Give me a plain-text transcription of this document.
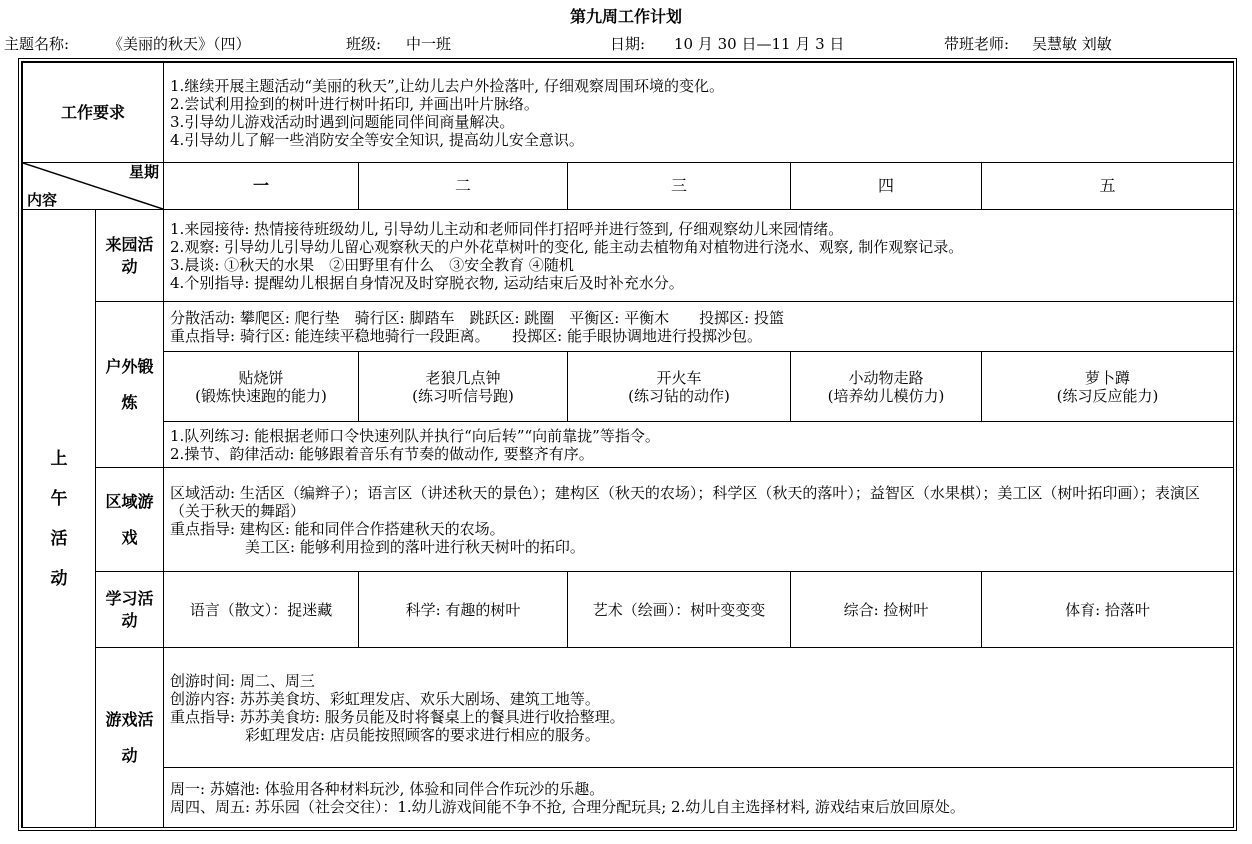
第九周工作计划
主题名称:	《美丽的秋天》（四）	班级: 中一班	日期: 10 月 30 日—11 月 3 日	带班老师: 吴慧敏 刘敏
工作要求		1.继续开展主题活动“美丽的秋天”,让幼儿去户外捡落叶, 仔细观察周围环境的变化。
2.尝试利用捡到的树叶进行树叶拓印, 并画出叶片脉络。
3.引导幼儿游戏活动时遇到问题能同伴间商量解决。
4.引导幼儿了解一些消防安全等安全知识, 提高幼儿安全意识。				

星期
内容		一	二	三	四	五

上
午
活
动	来园活动	1.来园接待: 热情接待班级幼儿, 引导幼儿主动和老师同伴打招呼并进行签到, 仔细观察幼儿来园情绪。
2.观察: 引导幼儿引导幼儿留心观察秋天的户外花草树叶的变化, 能主动去植物角对植物进行浇水、观察, 制作观察记录。
3.晨谈: ①秋天的水果　②田野里有什么　③安全教育 ④随机
4.个别指导: 提醒幼儿根据自身情况及时穿脱衣物, 运动结束后及时补充水分。				

	户外锻炼	分散活动: 攀爬区: 爬行垫　骑行区: 脚踏车　跳跃区: 跳圈　平衡区: 平衡木　　投掷区: 投篮
重点指导: 骑行区: 能连续平稳地骑行一段距离。　　投掷区: 能手眼协调地进行投掷沙包。				

		贴烧饼
(锻炼快速跑的能力)	老狼几点钟
(练习听信号跑)	开火车
(练习钻的动作)	小动物走路
(培养幼儿模仿力)	萝卜蹲
(练习反应能力)

		1.队列练习: 能根据老师口令快速列队并执行“向后转”“向前靠拢”等指令。
2.操节、韵律活动: 能够跟着音乐有节奏的做动作, 要整齐有序。				

	区域游戏	区域活动: 生活区（编辫子）；语言区（讲述秋天的景色）；建构区（秋天的农场）；科学区（秋天的落叶）；益智区（水果棋）；美工区（树叶拓印画）；表演区（关于秋天的舞蹈）
重点指导: 建构区: 能和同伴合作搭建秋天的农场。
　　　　　美工区: 能够利用捡到的落叶进行秋天树叶的拓印。				

	学习活动	语言（散文）：捉迷藏	科学: 有趣的树叶	艺术（绘画）：树叶变变变	综合: 捡树叶	体育: 拾落叶
	游戏活动	创游时间: 周二、周三
创游内容: 苏苏美食坊、彩虹理发店、欢乐大剧场、建筑工地等。
重点指导: 苏苏美食坊: 服务员能及时将餐桌上的餐具进行收拾整理。
　　　　　彩虹理发店: 店员能按照顾客的要求进行相应的服务。				

		周一: 苏嬉池: 体验用各种材料玩沙, 体验和同伴合作玩沙的乐趣。
周四、周五: 苏乐园（社会交往）：1.幼儿游戏间能不争不抢, 合理分配玩具; 2.幼儿自主选择材料, 游戏结束后放回原处。				
